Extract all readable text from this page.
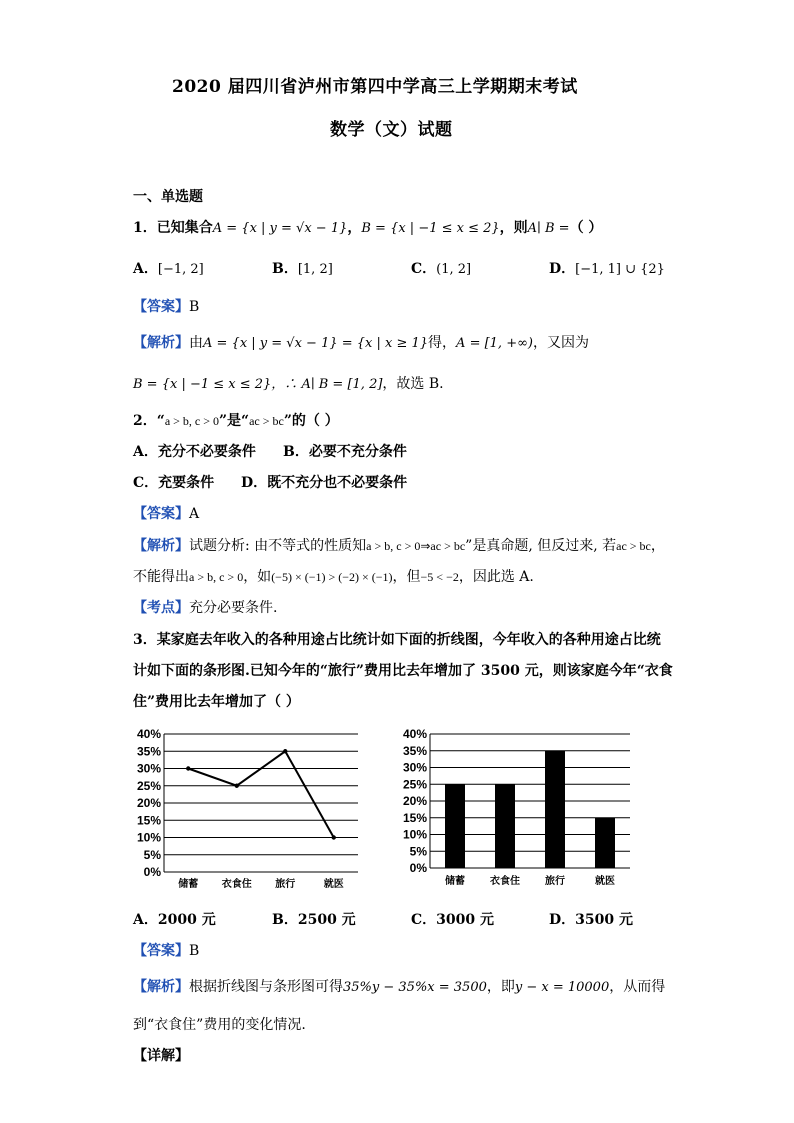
2020 届四川省泸州市第四中学高三上学期期末考试
数学（文）试题
一、单选题
1．已知集合A = {x | y = √x − 1}，B = {x | −1 ≤ x ≤ 2}，则A∣ B =（ ）
A．[−1, 2]	B．[1, 2]	C．(1, 2]	D．[−1, 1] ∪ {2}
【答案】B
【解析】由A = {x | y = √x − 1} = {x | x ≥ 1}得，A = [1, +∞)，又因为
B = {x | −1 ≤ x ≤ 2}，∴ A∣ B = [1, 2]，故选 B.
2．“a > b, c > 0”是“ac > bc”的（ ）
A．充分不必要条件 B．必要不充分条件
C．充要条件 D．既不充分也不必要条件
【答案】A
【解析】试题分析: 由不等式的性质知a > b, c > 0⇒ac > bc”是真命题, 但反过来, 若ac > bc，
不能得出a > b, c > 0，如(−5) × (−1) > (−2) × (−1)，但−5 < −2，因此选 A.
【考点】充分必要条件.
3．某家庭去年收入的各种用途占比统计如下面的折线图，今年收入的各种用途占比统
计如下面的条形图.已知今年的“旅行”费用比去年增加了 3500 元，则该家庭今年“衣食
住”费用比去年增加了（ ）
0%
5%
10%
15%
20%
25%
30%
35%
40%
储蓄 衣食住 旅行	就医
0%
5%
10%
15%
20%
25%
30%
35%
40%
储蓄	衣食住	旅行	就医
A．2000 元	B．2500 元	C．3000 元	D．3500 元
【答案】B
【解析】根据折线图与条形图可得35%y − 35%x = 3500，即y − x = 10000，从而得
到“衣食住”费用的变化情况.
【详解】
